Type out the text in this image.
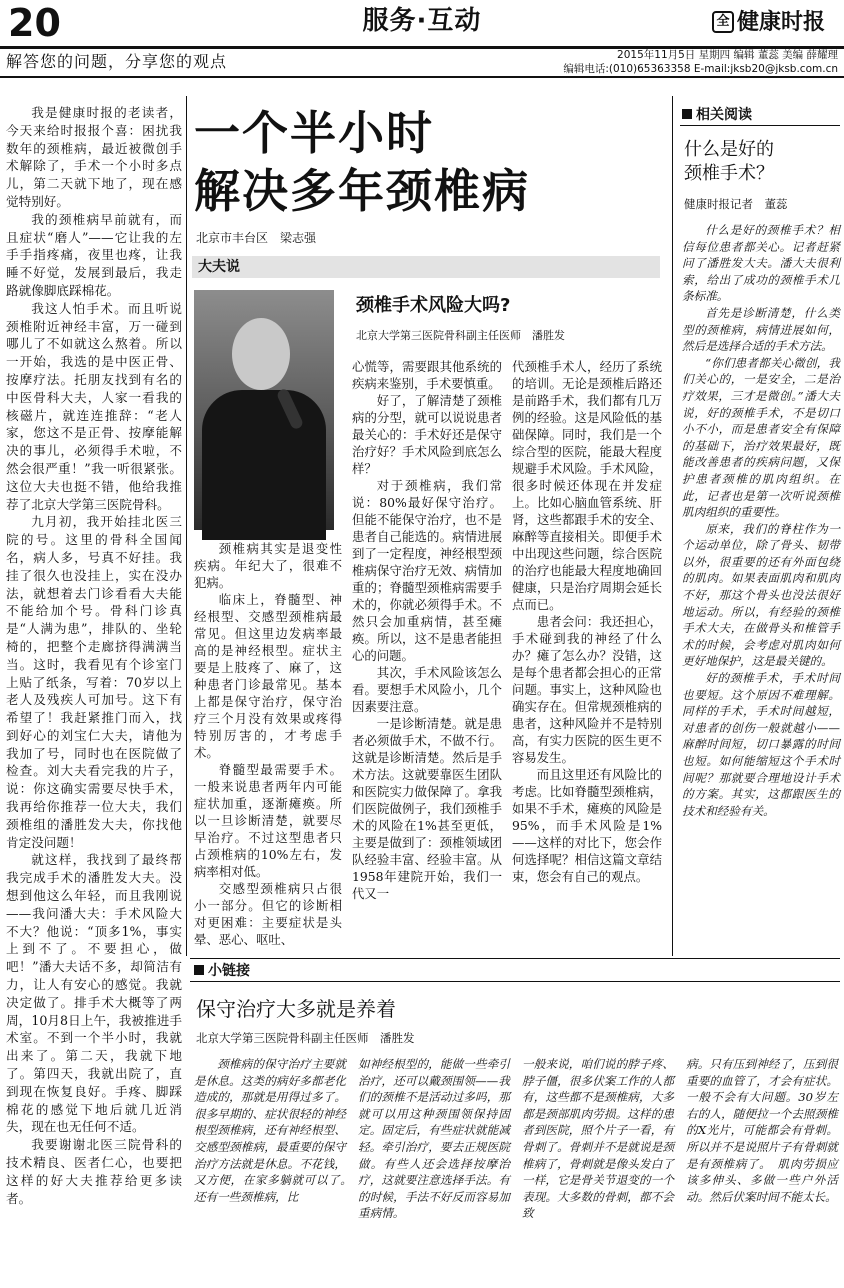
20	服务·互动	全 健康时报
解答您的问题，分享您的观点	2015年11月5日 星期四 编辑 董蕊 美编 薛耀理
编辑电话:(010)65363358 E-mail:jksb20@jksb.com.cn

我是健康时报的老读者，今天来给时报报个喜：困扰我数年的颈椎病，最近被微创手术解除了，手术一个小时多点儿，第二天就下地了，现在感觉特别好。

我的颈椎病早前就有，而且症状“磨人”——它让我的左手手指疼痛，夜里也疼，让我睡不好觉，发展到最后，我走路就像脚底踩棉花。

我这人怕手术。而且听说颈椎附近神经丰富，万一碰到哪儿了不如就这么熬着。所以一开始，我选的是中医正骨、按摩疗法。托朋友找到有名的中医骨科大夫，人家一看我的核磁片，就连连推辞：“老人家，您这不是正骨、按摩能解决的事儿，必须得手术啦，不然会很严重！”我一听很紧张。这位大夫也挺不错，他给我推荐了北京大学第三医院骨科。

九月初，我开始挂北医三院的号。这里的骨科全国闻名，病人多，号真不好挂。我挂了很久也没挂上，实在没办法，就想着去门诊看看大夫能不能给加个号。骨科门诊真是“人满为患”，排队的、坐轮椅的，把整个走廊挤得满满当当。这时，我看见有个诊室门上贴了纸条，写着：70岁以上老人及残疾人可加号。这下有希望了！我赶紧推门而入，找到好心的刘宝仁大夫，请他为我加了号，同时也在医院做了检查。刘大夫看完我的片子，说：你这确实需要尽快手术，我再给你推荐一位大夫，我们颈椎组的潘胜发大夫，你找他肯定没问题！

就这样，我找到了最终帮我完成手术的潘胜发大夫。没想到他这么年轻，而且我刚说——我问潘大夫：手术风险大不大？他说：“顶多1%，事实上到不了。不要担心，做吧！”潘大夫话不多，却简洁有力，让人有安心的感觉。我就决定做了。排手术大概等了两周，10月8日上午，我被推进手术室。不到一个半小时，我就出来了。第二天，我就下地了。第四天，我就出院了，直到现在恢复良好。手疼、脚踩棉花的感觉下地后就几近消失，现在也无任何不适。

我要谢谢北医三院骨科的技术精良、医者仁心，也要把这样的好大夫推荐给更多读者。

一个半小时
解决多年颈椎病
北京市丰台区　梁志强
大夫说
颈椎手术风险大吗?
北京大学第三医院骨科副主任医师　潘胜发

颈椎病其实是退变性疾病。年纪大了，很难不犯病。

临床上，脊髓型、神经根型、交感型颈椎病最常见。但这里边发病率最高的是神经根型。症状主要是上肢疼了、麻了，这种患者门诊最常见。基本上都是保守治疗，保守治疗三个月没有效果或疼得特别厉害的，才考虑手术。

脊髓型最需要手术。一般来说患者两年内可能症状加重，逐渐瘫痪。所以一旦诊断清楚，就要尽早治疗。不过这型患者只占颈椎病的10%左右，发病率相对低。

交感型颈椎病只占很小一部分。但它的诊断相对更困难：主要症状是头晕、恶心、呕吐、

心慌等，需要跟其他系统的疾病来鉴别，手术要慎重。

好了，了解清楚了颈椎病的分型，就可以说说患者最关心的：手术好还是保守治疗好？手术风险到底怎么样？

对于颈椎病，我们常说：80%最好保守治疗。但能不能保守治疗，也不是患者自己能选的。病情进展到了一定程度，神经根型颈椎病保守治疗无效、病情加重的；脊髓型颈椎病需要手术的，你就必须得手术。不然只会加重病情，甚至瘫痪。所以，这不是患者能担心的问题。

其次，手术风险该怎么看。要想手术风险小，几个因素要注意。

一是诊断清楚。就是患者必须做手术，不做不行。这就是诊断清楚。然后是手术方法。这就要靠医生团队和医院实力做保障了。拿我们医院做例子，我们颈椎手术的风险在1%甚至更低，主要是做到了：颈椎领域团队经验丰富、经验丰富。从1958年建院开始，我们一代又一

代颈椎手术人，经历了系统的培训。无论是颈椎后路还是前路手术，我们都有几万例的经验。这是风险低的基础保障。同时，我们是一个综合型的医院，能最大程度规避手术风险。手术风险，很多时候还体现在并发症上。比如心脑血管系统、肝肾，这些都跟手术的安全、麻醉等直接相关。即便手术中出现这些问题，综合医院的治疗也能最大程度地确回健康，只是治疗周期会延长点而已。

患者会问：我还担心，手术碰到我的神经了什么办？瘫了怎么办？没错，这是每个患者都会担心的正常问题。事实上，这种风险也确实存在。但常规颈椎病的患者，这种风险并不是特别高，有实力医院的医生更不容易发生。

而且这里还有风险比的考虑。比如脊髓型颈椎病，如果不手术，瘫痪的风险是95%，而手术风险是1%——这样的对比下，您会作何选择呢？相信这篇文章结束，您会有自己的观点。

相关阅读
什么是好的
颈椎手术？
健康时报记者　董蕊

什么是好的颈椎手术？相信每位患者都关心。记者赶紧问了潘胜发大夫。潘大夫很利索，给出了成功的颈椎手术几条标准。

首先是诊断清楚，什么类型的颈椎病，病情进展如何，然后是选择合适的手术方法。

“你们患者都关心微创，我们关心的，一是安全，二是治疗效果，三才是微创。”潘大夫说，好的颈椎手术，不是切口小不小，而是患者安全有保障的基础下，治疗效果最好，既能改善患者的疾病问题，又保护患者颈椎的肌肉组织。在此，记者也是第一次听说颈椎肌肉组织的重要性。

原来，我们的脊柱作为一个运动单位，除了骨头、韧带以外，很重要的还有外面包绕的肌肉。如果表面肌肉和肌肉不好，那这个骨头也没法很好地运动。所以，有经验的颈椎手术大夫，在做骨头和椎管手术的时候，会考虑对肌肉如何更好地保护，这是最关键的。

好的颈椎手术，手术时间也要短。这个原因不难理解。同样的手术，手术时间越短，对患者的创伤一般就越小——麻醉时间短，切口暴露的时间也短。如何能缩短这个手术时间呢？那就要合理地设计手术的方案。其实，这都跟医生的技术和经验有关。

小链接
保守治疗大多就是养着
北京大学第三医院骨科副主任医师　潘胜发
颈椎病的保守治疗主要就是休息。这类的病好多都老化造成的，那就是用得过多了。很多早期的、症状很轻的神经根型颈椎病，还有神经根型、交感型颈椎病，最重要的保守治疗方法就是休息。不花钱，又方便，在家多躺就可以了。　还有一些颈椎病，比
如神经根型的，能做一些牵引治疗，还可以戴颈围领——我们的颈椎不是活动过多吗，那就可以用这种颈围领保持固定。固定后，有些症状就能减轻。牵引治疗，要去正规医院做。有些人还会选择按摩治疗，这就要注意选择手法。有的时候，手法不好反而容易加重病情。
一般来说，咱们说的脖子疼、脖子僵，很多伏案工作的人都有，这些都不是颈椎病，大多都是颈部肌肉劳损。这样的患者到医院，照个片子一看，有骨刺了。骨刺并不是就说是颈椎病了，骨刺就是像头发白了一样，它是骨关节退变的一个表现。大多数的骨刺，都不会致
病。只有压到神经了，压到很重要的血管了，才会有症状。一般不会有大问题。30岁左右的人，随便拉一个去照颈椎的X光片，可能都会有骨刺。所以并不是说照片子有骨刺就是有颈椎病了。　肌肉劳损应该多伸头、多做一些户外活动。然后伏案时间不能太长。
